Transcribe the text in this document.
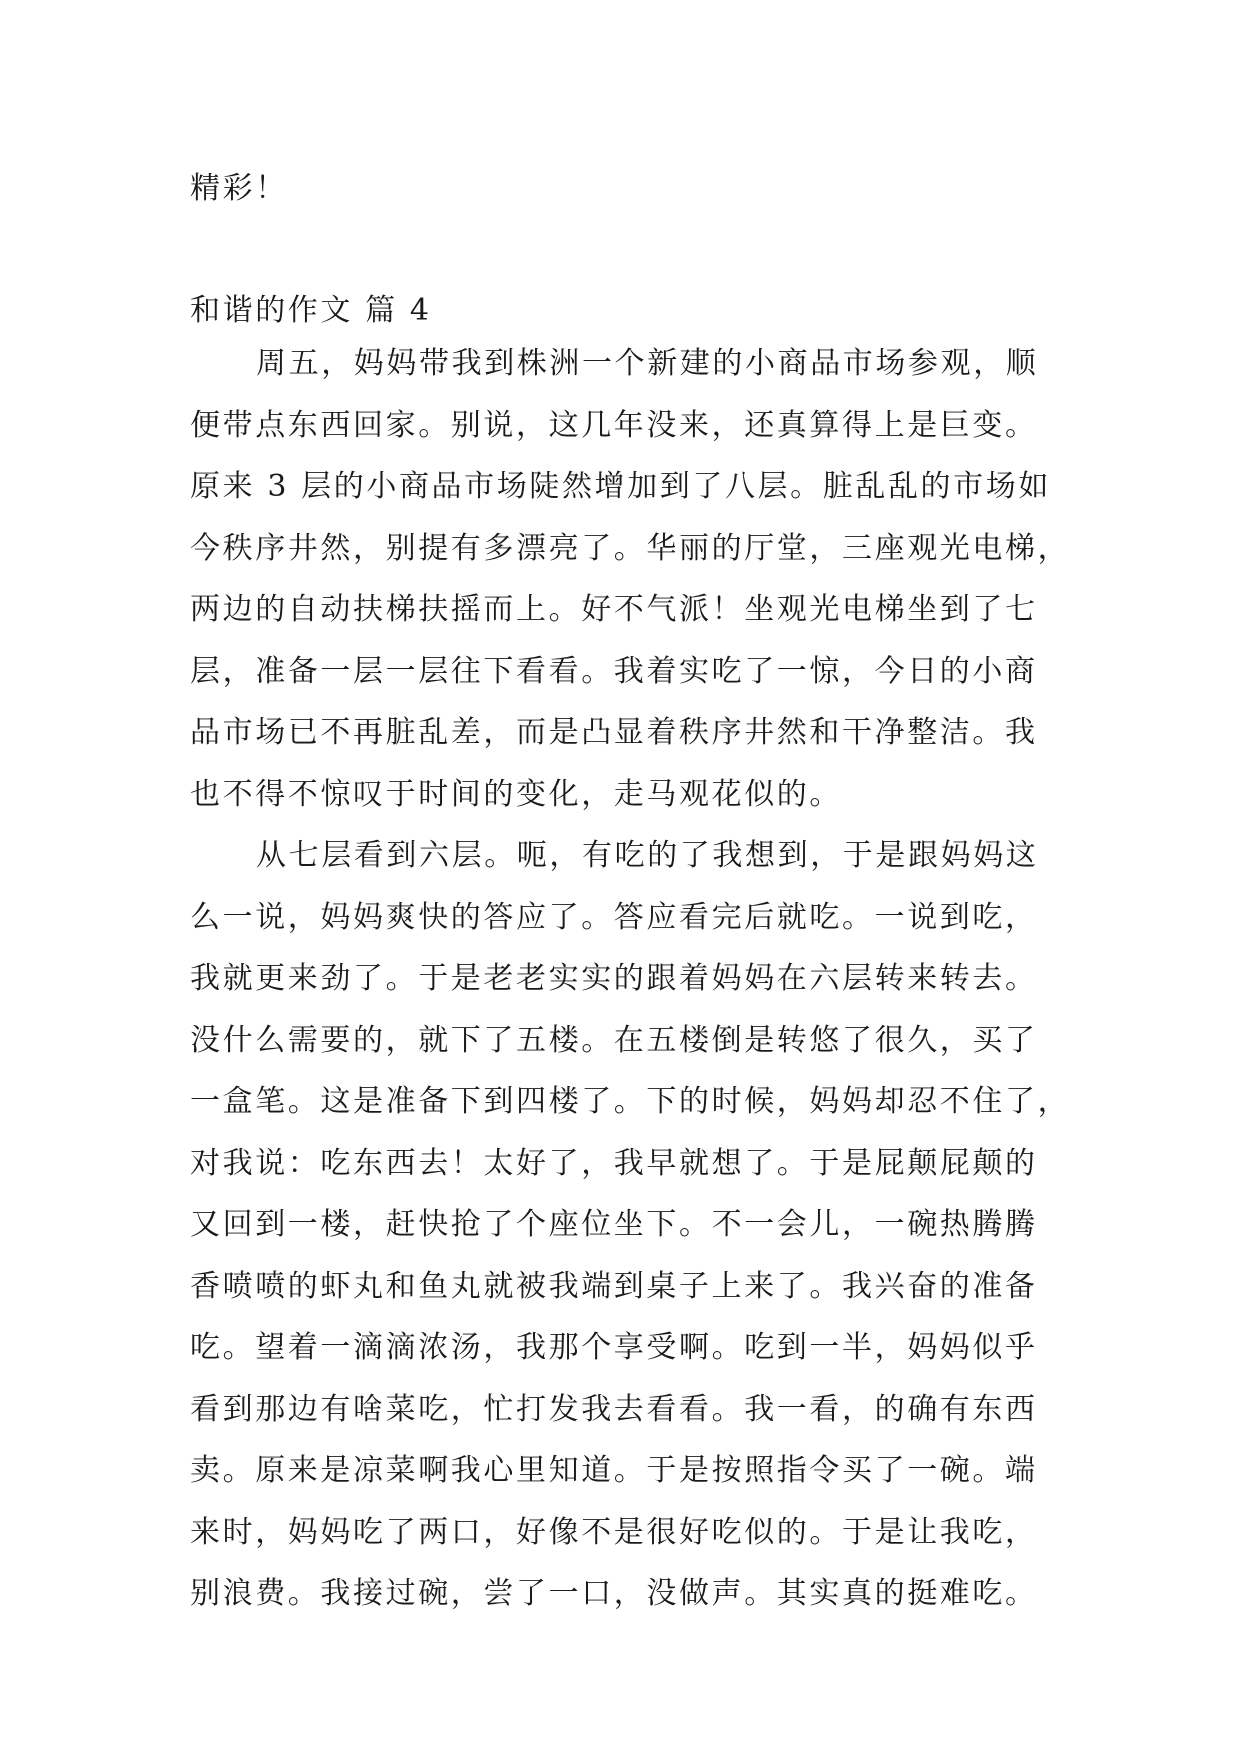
精彩！
和谐的作文 篇 4
周五，妈妈带我到株洲一个新建的小商品市场参观，顺
便带点东西回家。别说，这几年没来，还真算得上是巨变。
原来 3 层的小商品市场陡然增加到了八层。脏乱乱的市场如
今秩序井然，别提有多漂亮了。华丽的厅堂，三座观光电梯，
两边的自动扶梯扶摇而上。好不气派！坐观光电梯坐到了七
层，准备一层一层往下看看。我着实吃了一惊，今日的小商
品市场已不再脏乱差，而是凸显着秩序井然和干净整洁。我
也不得不惊叹于时间的变化，走马观花似的。
从七层看到六层。呃，有吃的了我想到，于是跟妈妈这
么一说，妈妈爽快的答应了。答应看完后就吃。一说到吃，
我就更来劲了。于是老老实实的跟着妈妈在六层转来转去。
没什么需要的，就下了五楼。在五楼倒是转悠了很久，买了
一盒笔。这是准备下到四楼了。下的时候，妈妈却忍不住了，
对我说：吃东西去！太好了，我早就想了。于是屁颠屁颠的
又回到一楼，赶快抢了个座位坐下。不一会儿，一碗热腾腾
香喷喷的虾丸和鱼丸就被我端到桌子上来了。我兴奋的准备
吃。望着一滴滴浓汤，我那个享受啊。吃到一半，妈妈似乎
看到那边有啥菜吃，忙打发我去看看。我一看，的确有东西
卖。原来是凉菜啊我心里知道。于是按照指令买了一碗。端
来时，妈妈吃了两口，好像不是很好吃似的。于是让我吃，
别浪费。我接过碗，尝了一口，没做声。其实真的挺难吃。
